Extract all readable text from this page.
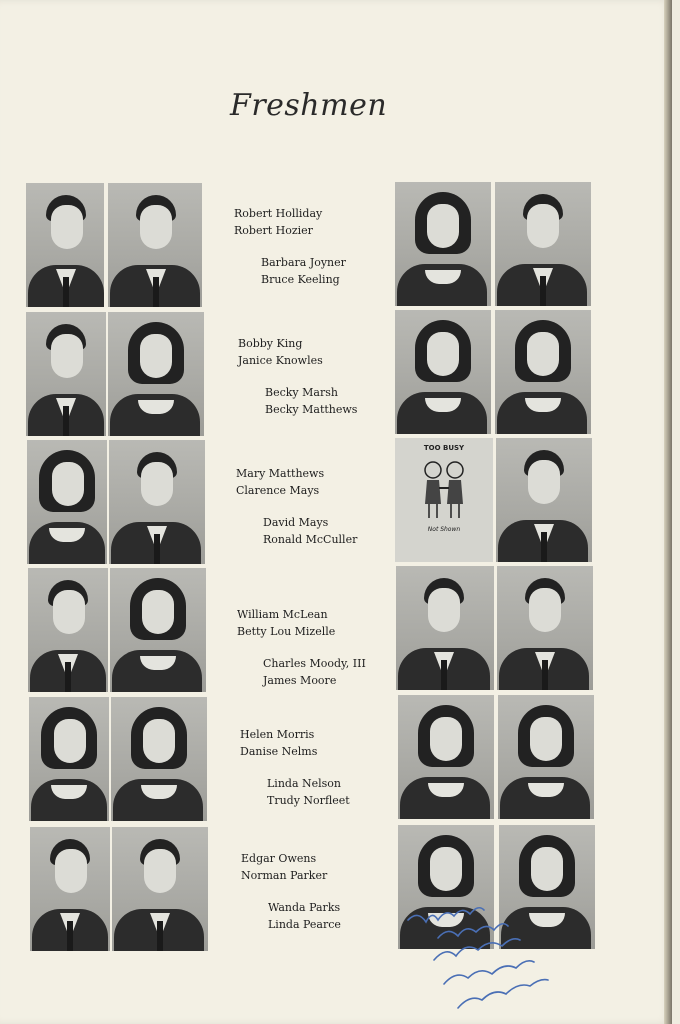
Freshmen
Robert Holliday
Robert Hozier
Barbara Joyner
Bruce Keeling
Bobby King
Janice Knowles
Becky Marsh
Becky Matthews
Mary Matthews
Clarence Mays
David Mays
Ronald McCuller
TOO BUSY
Not Shown
William McLean
Betty Lou Mizelle
Charles Moody, III
James Moore
Helen Morris
Danise Nelms
Linda Nelson
Trudy Norfleet
Edgar Owens
Norman Parker
Wanda Parks
Linda Pearce
